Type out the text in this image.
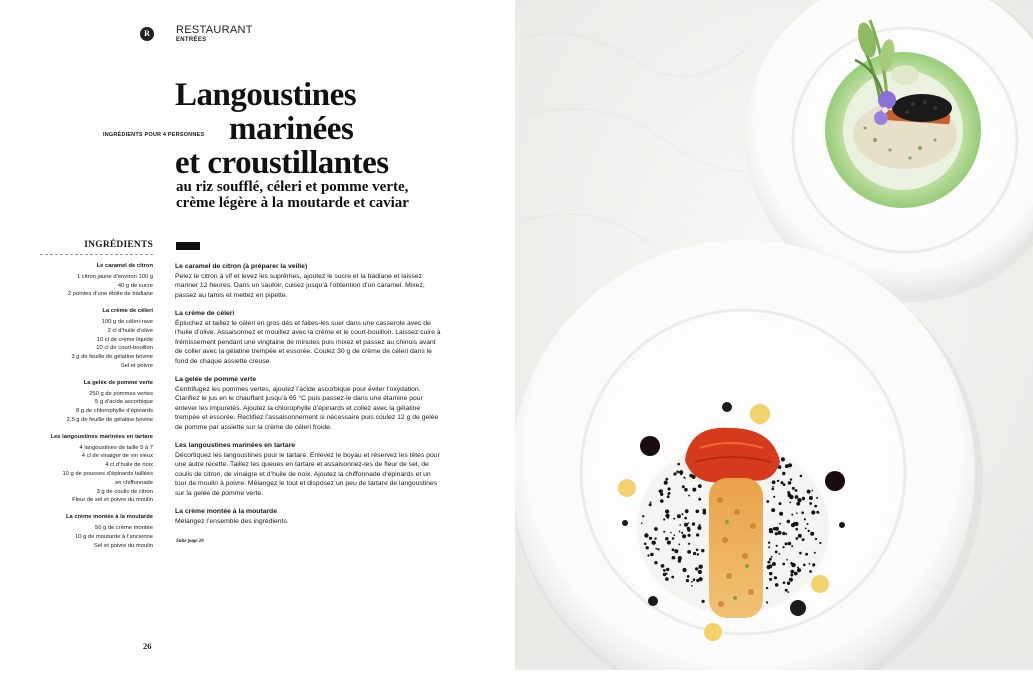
R	RESTAURANT
ENTRÉES
Langoustines
marinées
et croustillantes
INGRÉDIENTS POUR 4 PERSONNES
au riz soufflé, céleri et pomme verte,
crème légère à la moutarde et caviar
INGRÉDIENTS
Le caramel de citron
1 citron jaune d’environ 100 g
40 g de sucre
2 pointes d’une étoile de badiane
La crème de céleri
100 g de céleri-rave
2 cl d’huile d’olive
10 cl de crème liquide
10 cl de court-bouillon
3 g de feuille de gélatine bovine
Sel et poivre
La gelée de pomme verte
250 g de pommes vertes
5 g d’acide ascorbique
8 g de chlorophylle d’épinards
2,5 g de feuille de gélatine bovine
Les langoustines marinées en tartare
4 langoustines de taille 5 à 7
4 cl de vinaigre de vin vieux
4 cl d’huile de noix
10 g de pousses d’épinards taillées
en chiffonnade
3 g de coulis de citron
Fleur de sel et poivre du moulin
La crème montée à la moutarde
50 g de crème montée
10 g de moutarde à l’ancienne
Sel et poivre du moulin
Le caramel de citron (à préparer la veille)
Pelez le citron à vif et levez les suprêmes, ajoutez le sucre et la badiane et laissez mariner 12 heures. Dans un sautoir, cuisez jusqu’à l’obtention d’un caramel. Mixez, passez au tamis et mettez en pipette.
La crème de céleri
Épluchez et taillez le céleri en gros dés et faites-les suer dans une casserole avec de l’huile d’olive. Assaisonnez et mouillez avec la crème et le court-bouillon. Laissez cuire à frémissement pendant une vingtaine de minutes puis mixez et passez au chinois avant de coller avec la gélatine trempée et essorée. Coulez 30 g de crème de céleri dans le fond de chaque assiette creuse.
La gelée de pomme verte
Centrifugez les pommes vertes, ajoutez l’acide ascorbique pour éviter l’oxydation. Clarifiez le jus en le chauffant jusqu’à 65 °C puis passez-le dans une étamine pour enlever les impuretés. Ajoutez la chlorophylle d’épinards et collez avec la gélatine trempée et essorée. Rectifiez l’assaisonnement si nécessaire puis coulez 12 g de gelée de pomme par assiette sur la crème de céleri froide.
Les langoustines marinées en tartare
Décortiquez les langoustines pour le tartare. Enlevez le boyau et réservez les têtes pour une autre recette. Taillez les queues en tartare et assaisonnez-les de fleur de sel, de coulis de citron, de vinaigre et d’huile de noix. Ajoutez la chiffonnade d’épinards et un tour de moulin à poivre. Mélangez le tout et disposez un peu de tartare de langoustines sur la gelée de pomme verte.
La crème montée à la moutarde
Mélangez l’ensemble des ingrédients.
Suite page 28
26
